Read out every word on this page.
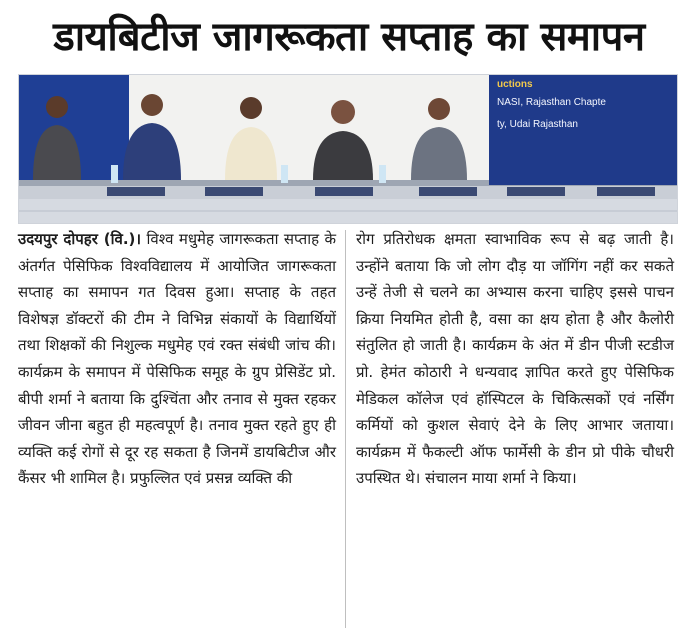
डायबिटीज जागरूकता सप्ताह का समापन
uctions
NASI, Rajasthan Chapte
ty, Udai Rajasthan

उदयपुर दोपहर (वि.)। विश्व मधुमेह जागरूकता सप्ताह के अंतर्गत पेसिफिक विश्वविद्यालय में आयोजित जागरूकता सप्ताह का समापन गत दिवस हुआ। सप्ताह के तहत विशेषज्ञ डॉक्टरों की टीम ने विभिन्न संकायों के विद्यार्थियों तथा शिक्षकों की निशुल्क मधुमेह एवं रक्त संबंधी जांच की। कार्यक्रम के समापन में पेसिफिक समूह के ग्रुप प्रेसिडेंट प्रो. बीपी शर्मा ने बताया कि दुश्चिंता और तनाव से मुक्त रहकर जीवन जीना बहुत ही महत्वपूर्ण है। तनाव मुक्त रहते हुए ही व्यक्ति कई रोगों से दूर रह सकता है जिनमें डायबिटीज और कैंसर भी शामिल है। प्रफुल्लित एवं प्रसन्न व्यक्ति की

रोग प्रतिरोधक क्षमता स्वाभाविक रूप से बढ़ जाती है। उन्होंने बताया कि जो लोग दौड़ या जॉगिंग नहीं कर सकते उन्हें तेजी से चलने का अभ्यास करना चाहिए इससे पाचन क्रिया नियमित होती है, वसा का क्षय होता है और कैलोरी संतुलित हो जाती है। कार्यक्रम के अंत में डीन पीजी स्टडीज प्रो. हेमंत कोठारी ने धन्यवाद ज्ञापित करते हुए पेसिफिक मेडिकल कॉलेज एवं हॉस्पिटल के चिकित्सकों एवं नर्सिंग कर्मियों को कुशल सेवाएं देने के लिए आभार जताया। कार्यक्रम में फैकल्टी ऑफ फार्मेसी के डीन प्रो पीके चौधरी उपस्थित थे। संचालन माया शर्मा ने किया।
